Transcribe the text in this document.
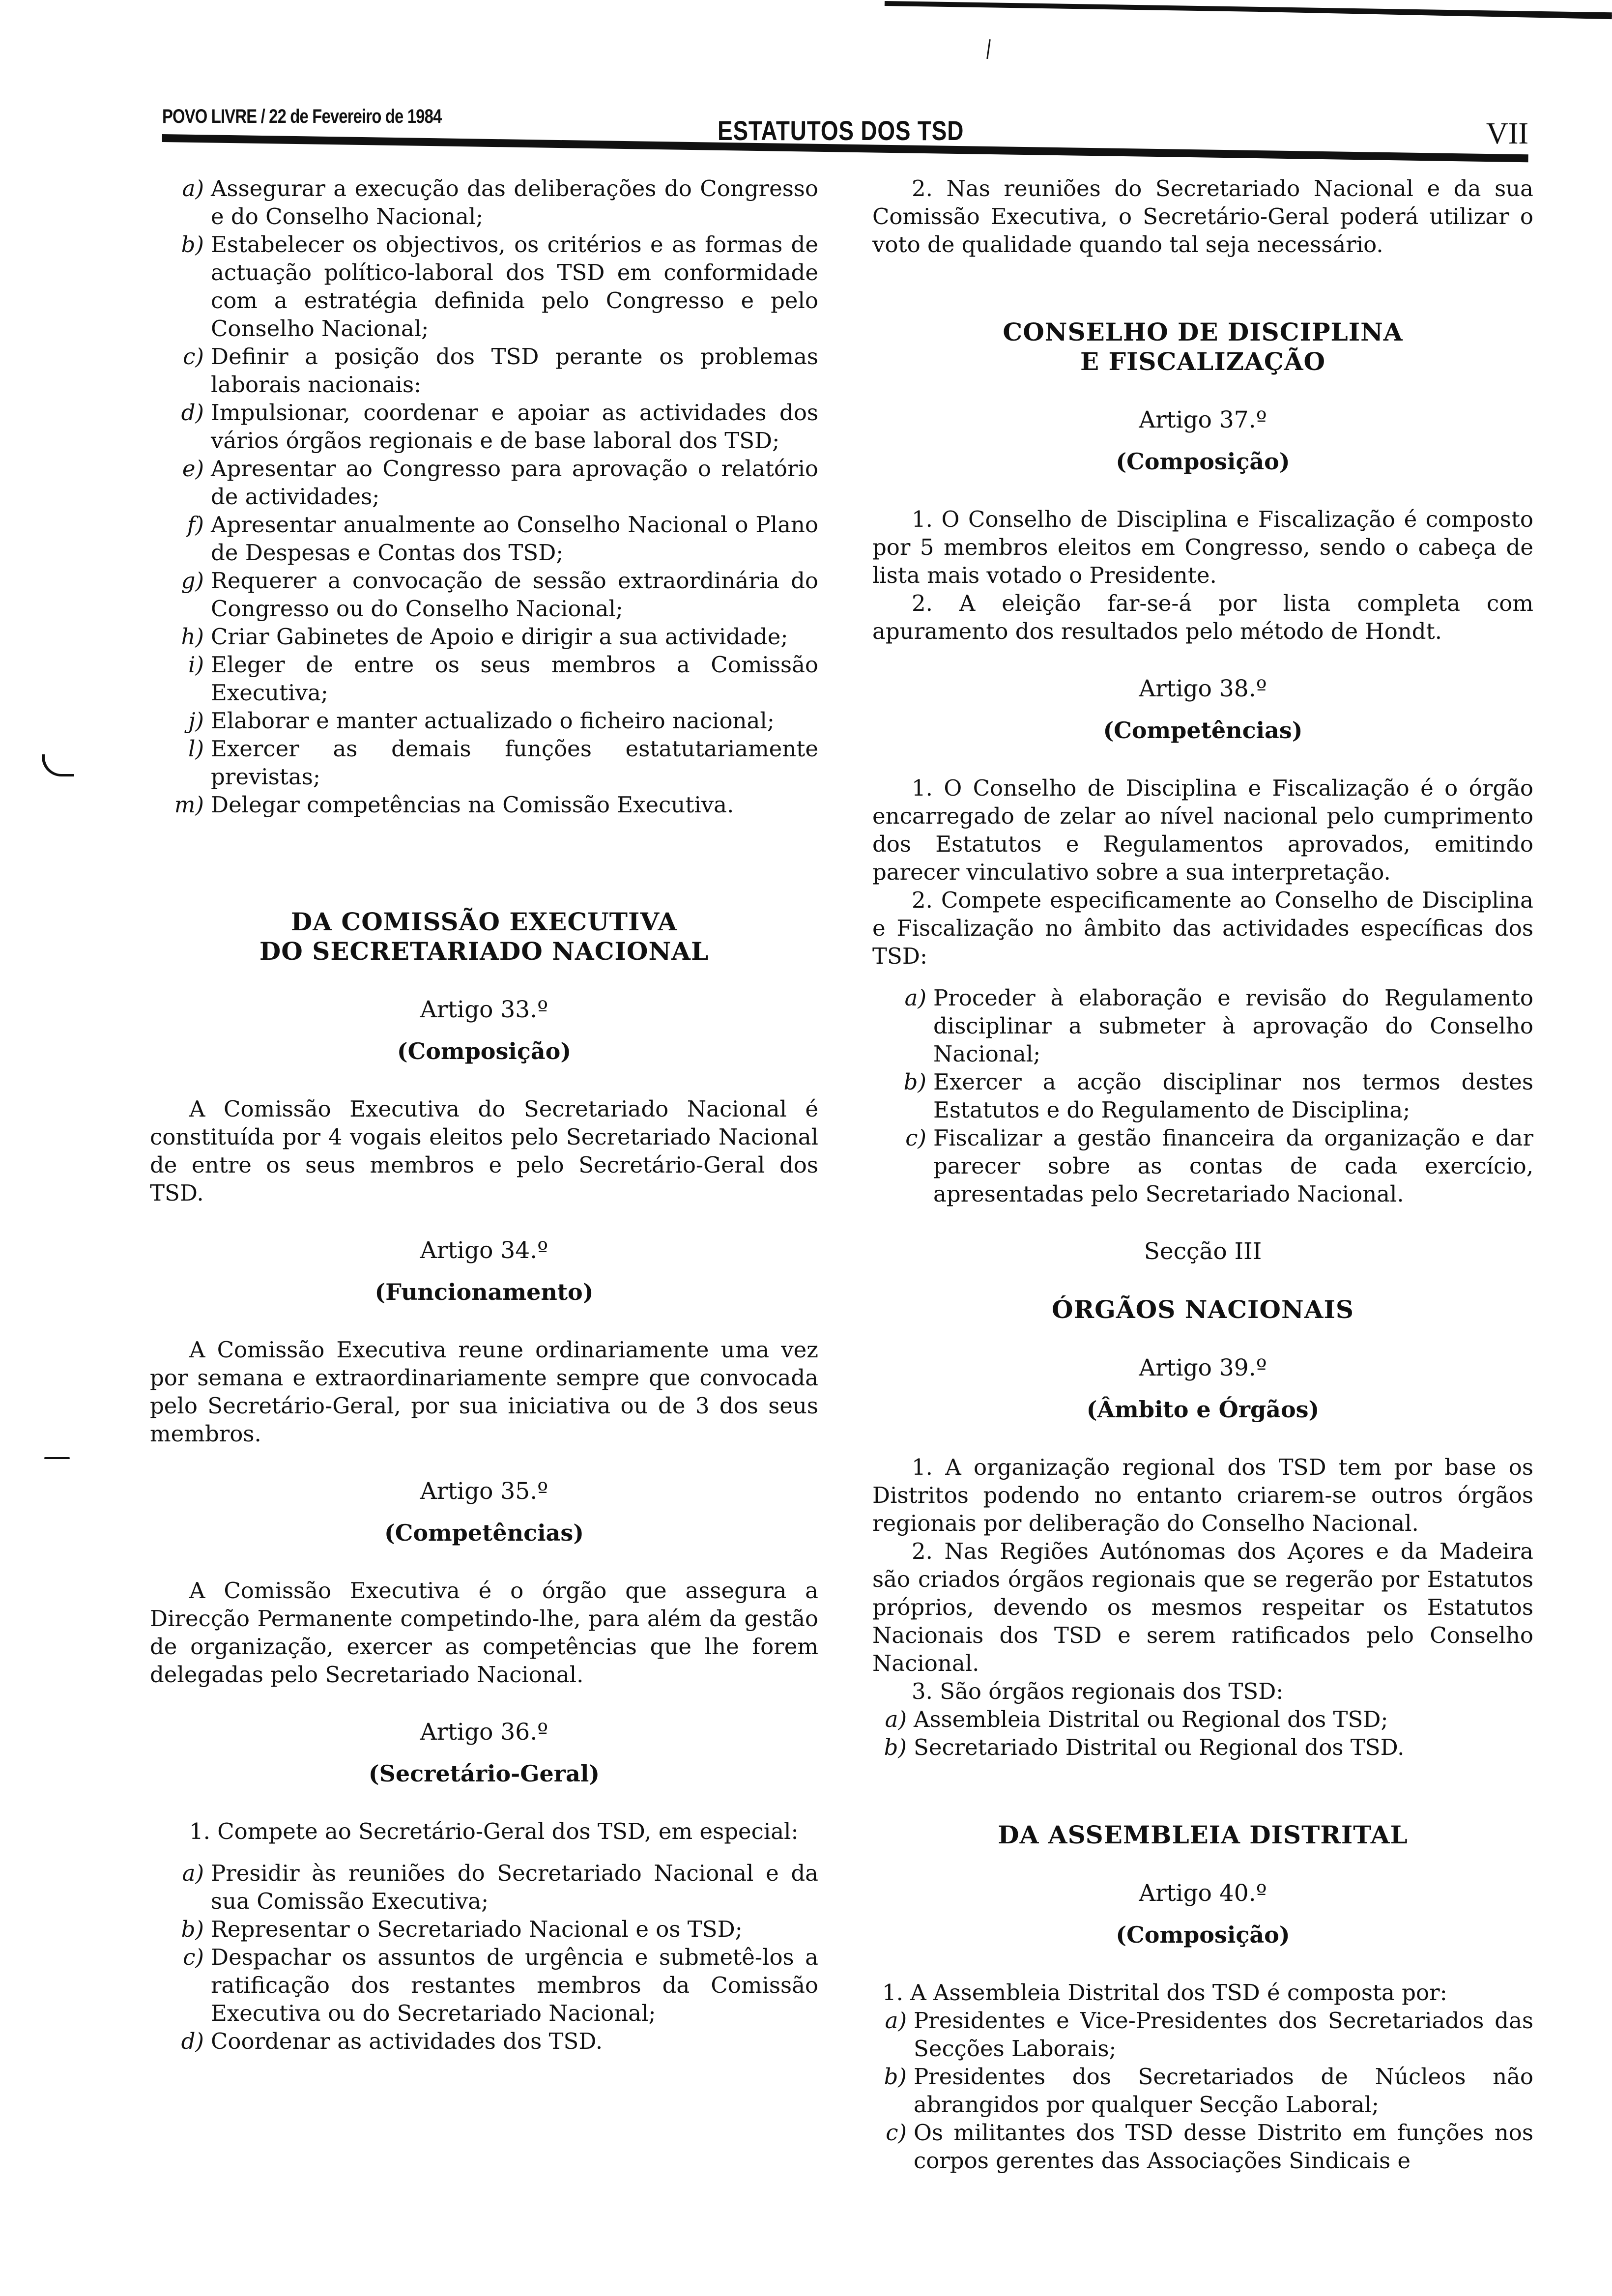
POVO LIVRE / 22 de Fevereiro de 1984	ESTATUTOS DOS TSD	VII
a) Assegurar a execução das deliberações do Congresso e do Conselho Nacional;
b) Estabelecer os objectivos, os critérios e as formas de actuação político-laboral dos TSD em conformidade com a estratégia definida pelo Congresso e pelo Conselho Nacional;
c) Definir a posição dos TSD perante os problemas laborais nacionais:
d) Impulsionar, coordenar e apoiar as actividades dos vários órgãos regionais e de base laboral dos TSD;
e) Apresentar ao Congresso para aprovação o relatório de actividades;
f) Apresentar anualmente ao Conselho Nacional o Plano de Despesas e Contas dos TSD;
g) Requerer a convocação de sessão extraordinária do Congresso ou do Conselho Nacional;
h) Criar Gabinetes de Apoio e dirigir a sua actividade;
i) Eleger de entre os seus membros a Comissão Executiva;
j) Elaborar e manter actualizado o ficheiro nacional;
l) Exercer as demais funções estatutariamente previstas;
m) Delegar competências na Comissão Executiva.
DA COMISSÃO EXECUTIVA
DO SECRETARIADO NACIONAL
Artigo 33.º
(Composição)

A Comissão Executiva do Secretariado Nacional é constituída por 4 vogais eleitos pelo Secretariado Nacional de entre os seus membros e pelo Secretário-Geral dos TSD.

Artigo 34.º
(Funcionamento)

A Comissão Executiva reune ordinariamente uma vez por semana e extraordinariamente sempre que convocada pelo Secretário-Geral, por sua iniciativa ou de 3 dos seus membros.

Artigo 35.º
(Competências)

A Comissão Executiva é o órgão que assegura a Direcção Permanente competindo-lhe, para além da gestão de organização, exercer as competências que lhe forem delegadas pelo Secretariado Nacional.

Artigo 36.º
(Secretário-Geral)

1. Compete ao Secretário-Geral dos TSD, em especial:

a) Presidir às reuniões do Secretariado Nacional e da sua Comissão Executiva;
b) Representar o Secretariado Nacional e os TSD;
c) Despachar os assuntos de urgência e submetê-los a ratificação dos restantes membros da Comissão Executiva ou do Secretariado Nacional;
d) Coordenar as actividades dos TSD.

2. Nas reuniões do Secretariado Nacional e da sua Comissão Executiva, o Secretário-Geral poderá utilizar o voto de qualidade quando tal seja necessário.

CONSELHO DE DISCIPLINA
E FISCALIZAÇÃO
Artigo 37.º
(Composição)

1. O Conselho de Disciplina e Fiscalização é composto por 5 membros eleitos em Congresso, sendo o cabeça de lista mais votado o Presidente.

2. A eleição far-se-á por lista completa com apuramento dos resultados pelo método de Hondt.

Artigo 38.º
(Competências)

1. O Conselho de Disciplina e Fiscalização é o órgão encarregado de zelar ao nível nacional pelo cumprimento dos Estatutos e Regulamentos aprovados, emitindo parecer vinculativo sobre a sua interpretação.

2. Compete especificamente ao Conselho de Disciplina e Fiscalização no âmbito das actividades específicas dos TSD:

a) Proceder à elaboração e revisão do Regulamento disciplinar a submeter à aprovação do Conselho Nacional;
b) Exercer a acção disciplinar nos termos destes Estatutos e do Regulamento de Disciplina;
c) Fiscalizar a gestão financeira da organização e dar parecer sobre as contas de cada exercício, apresentadas pelo Secretariado Nacional.
Secção III
ÓRGÃOS NACIONAIS
Artigo 39.º
(Âmbito e Órgãos)

1. A organização regional dos TSD tem por base os Distritos podendo no entanto criarem-se outros órgãos regionais por deliberação do Conselho Nacional.

2. Nas Regiões Autónomas dos Açores e da Madeira são criados órgãos regionais que se regerão por Estatutos próprios, devendo os mesmos respeitar os Estatutos Nacionais dos TSD e serem ratificados pelo Conselho Nacional.

3. São órgãos regionais dos TSD:

a) Assembleia Distrital ou Regional dos TSD;
b) Secretariado Distrital ou Regional dos TSD.
DA ASSEMBLEIA DISTRITAL
Artigo 40.º
(Composição)

1. A Assembleia Distrital dos TSD é composta por:

a) Presidentes e Vice-Presidentes dos Secretariados das Secções Laborais;
b) Presidentes dos Secretariados de Núcleos não abrangidos por qualquer Secção Laboral;
c) Os militantes dos TSD desse Distrito em funções nos corpos gerentes das Associações Sindicais e
